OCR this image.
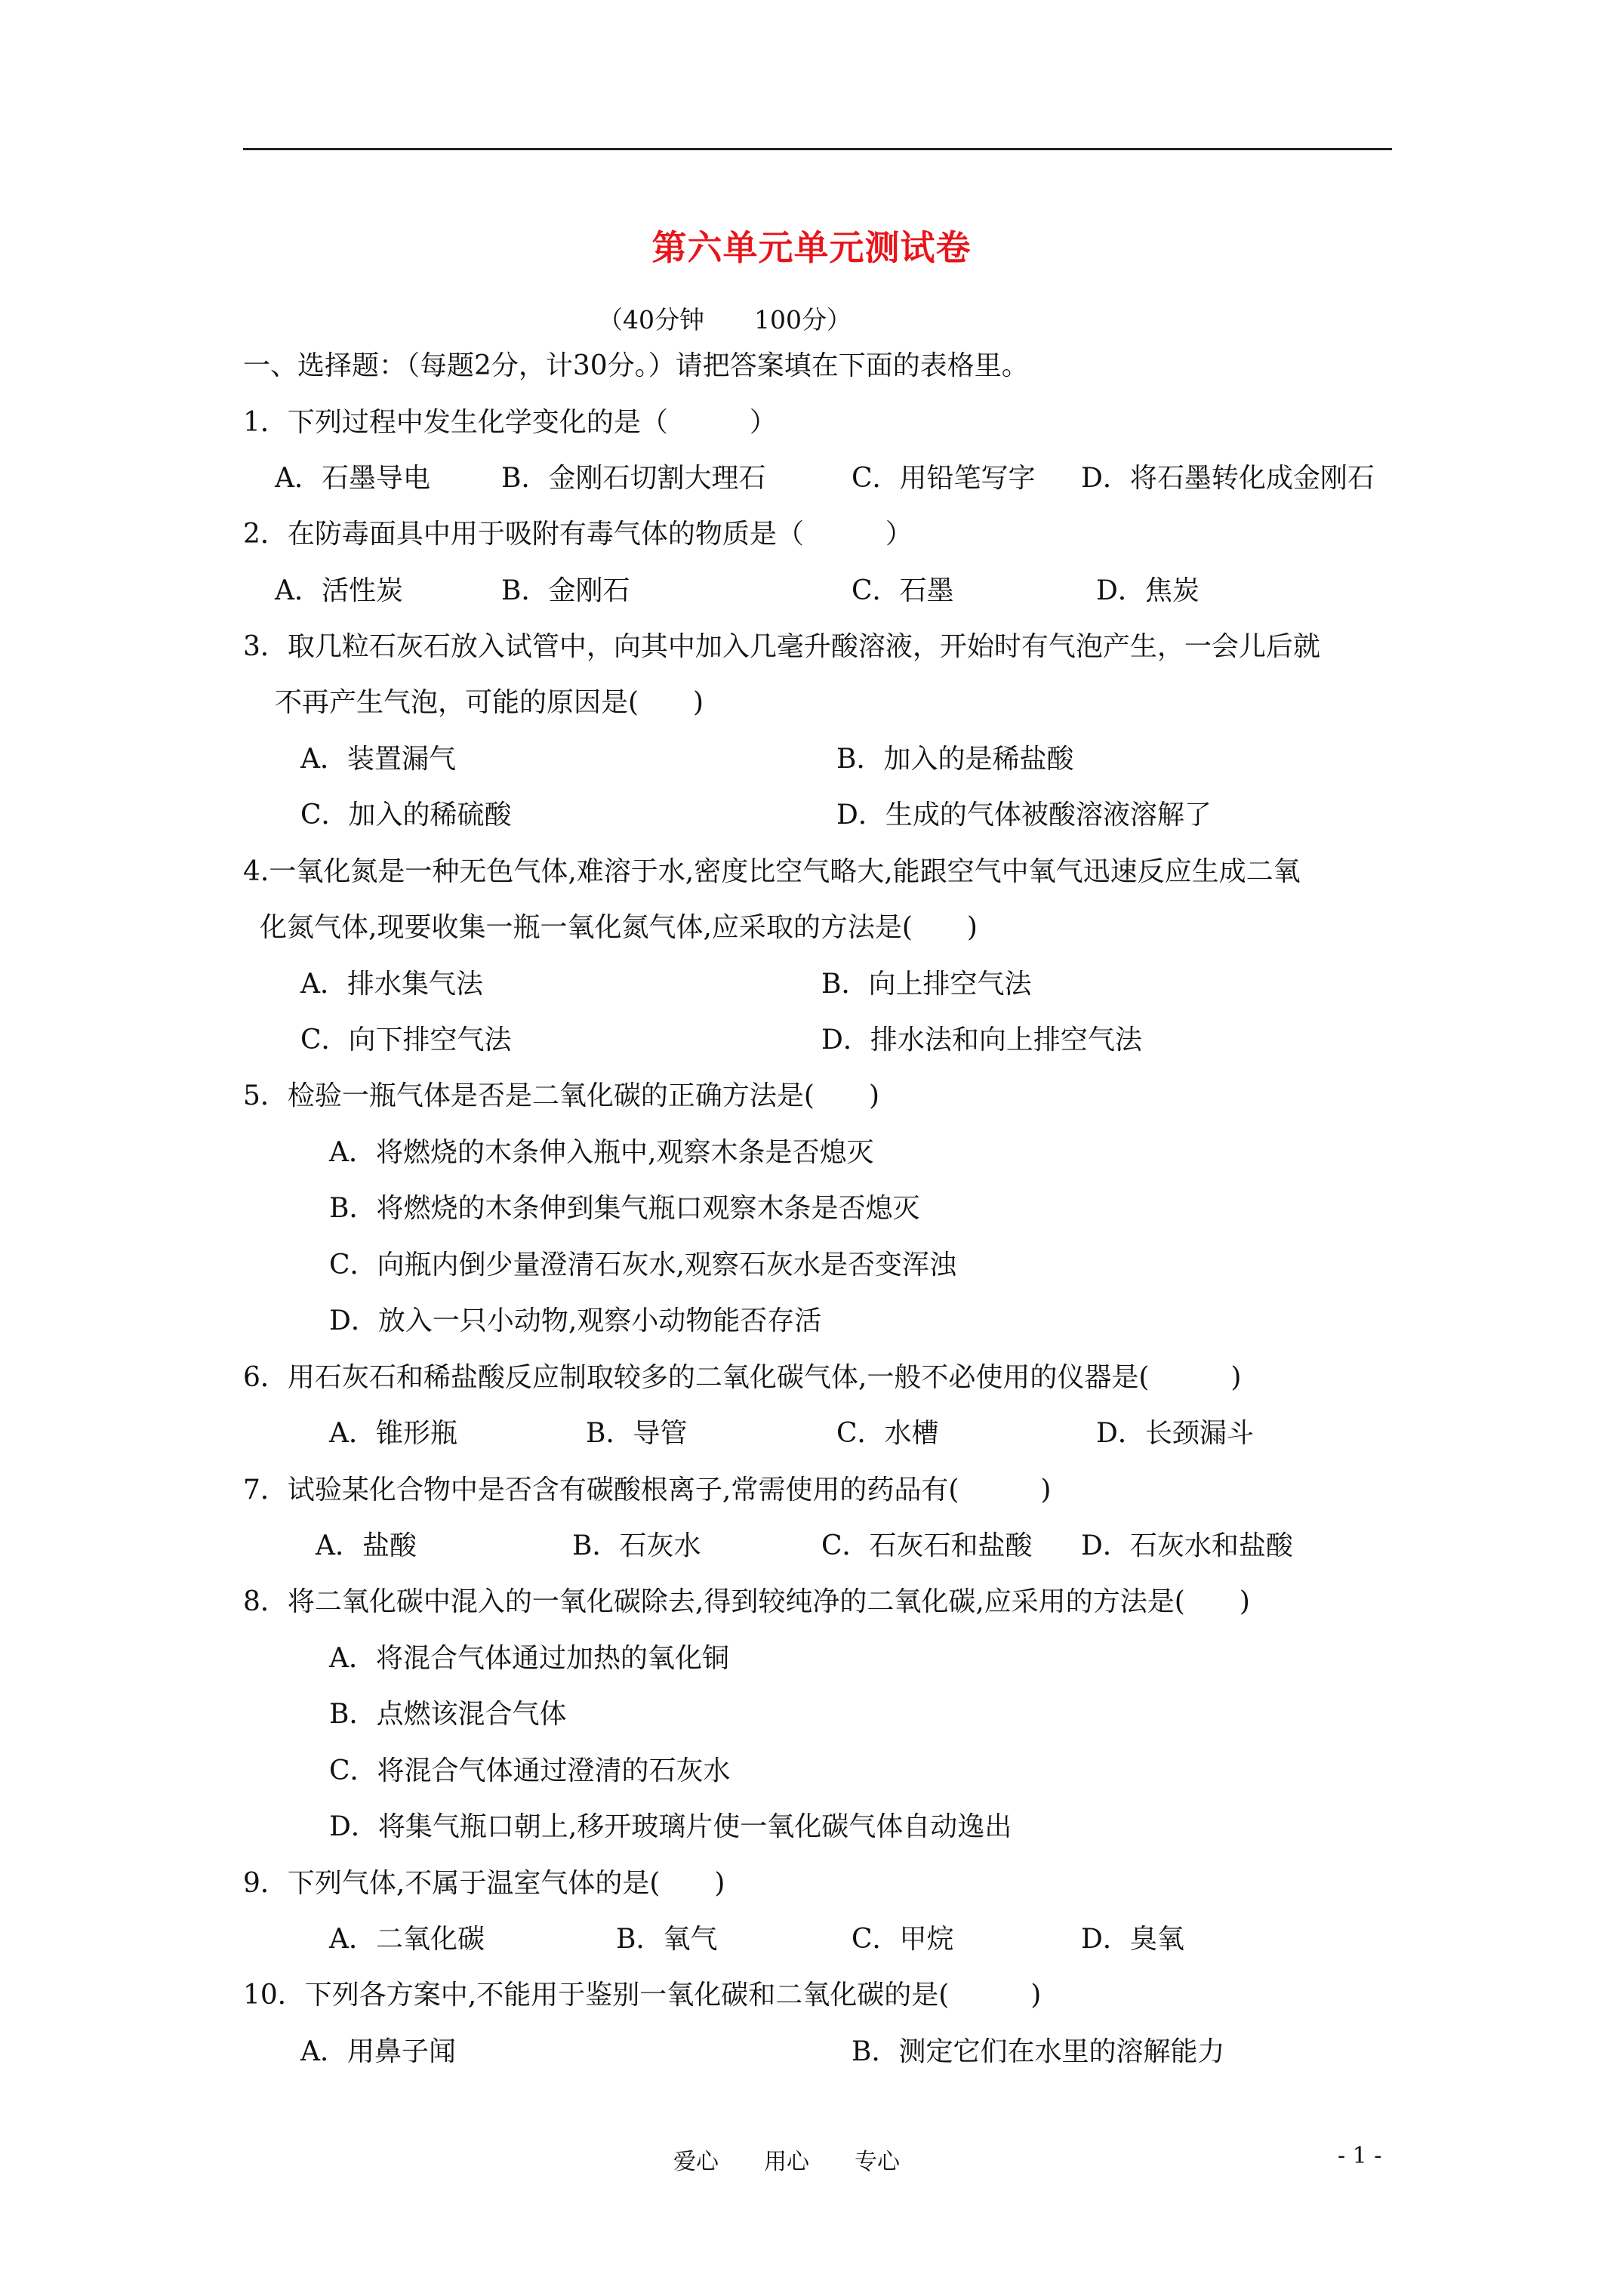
第六单元单元测试卷
（40分钟　　100分）
一、选择题：（每题2分，计30分。）请把答案填在下面的表格里。
1．下列过程中发生化学变化的是（　　　）
A．石墨导电	B．金刚石切割大理石	C．用铅笔写字 D．将石墨转化成金刚石
2．在防毒面具中用于吸附有毒气体的物质是（　　　）
A．活性炭	B．金刚石	C．石墨	D．焦炭
3．取几粒石灰石放入试管中，向其中加入几毫升酸溶液，开始时有气泡产生，一会儿后就
不再产生气泡，可能的原因是(　　)
A．装置漏气	B．加入的是稀盐酸
C．加入的稀硫酸	D．生成的气体被酸溶液溶解了
4.一氧化氮是一种无色气体,难溶于水,密度比空气略大,能跟空气中氧气迅速反应生成二氧
化氮气体,现要收集一瓶一氧化氮气体,应采取的方法是(　　)
A．排水集气法	B．向上排空气法
C．向下排空气法	D．排水法和向上排空气法
5．检验一瓶气体是否是二氧化碳的正确方法是(　　)
A．将燃烧的木条伸入瓶中,观察木条是否熄灭
B．将燃烧的木条伸到集气瓶口观察木条是否熄灭
C．向瓶内倒少量澄清石灰水,观察石灰水是否变浑浊
D．放入一只小动物,观察小动物能否存活
6．用石灰石和稀盐酸反应制取较多的二氧化碳气体,一般不必使用的仪器是(　　　)
A．锥形瓶	B．导管	C．水槽	D．长颈漏斗
7．试验某化合物中是否含有碳酸根离子,常需使用的药品有(　　　)
A．盐酸	B．石灰水	C．石灰石和盐酸 D．石灰水和盐酸
8．将二氧化碳中混入的一氧化碳除去,得到较纯净的二氧化碳,应采用的方法是(　　)
A．将混合气体通过加热的氧化铜
B．点燃该混合气体
C．将混合气体通过澄清的石灰水
D．将集气瓶口朝上,移开玻璃片使一氧化碳气体自动逸出
9．下列气体,不属于温室气体的是(　　)
A．二氧化碳	B．氧气	C．甲烷	D．臭氧
10．下列各方案中,不能用于鉴别一氧化碳和二氧化碳的是(　　　)
A．用鼻子闻	B．测定它们在水里的溶解能力
爱心　　用心　　专心	- 1 -
